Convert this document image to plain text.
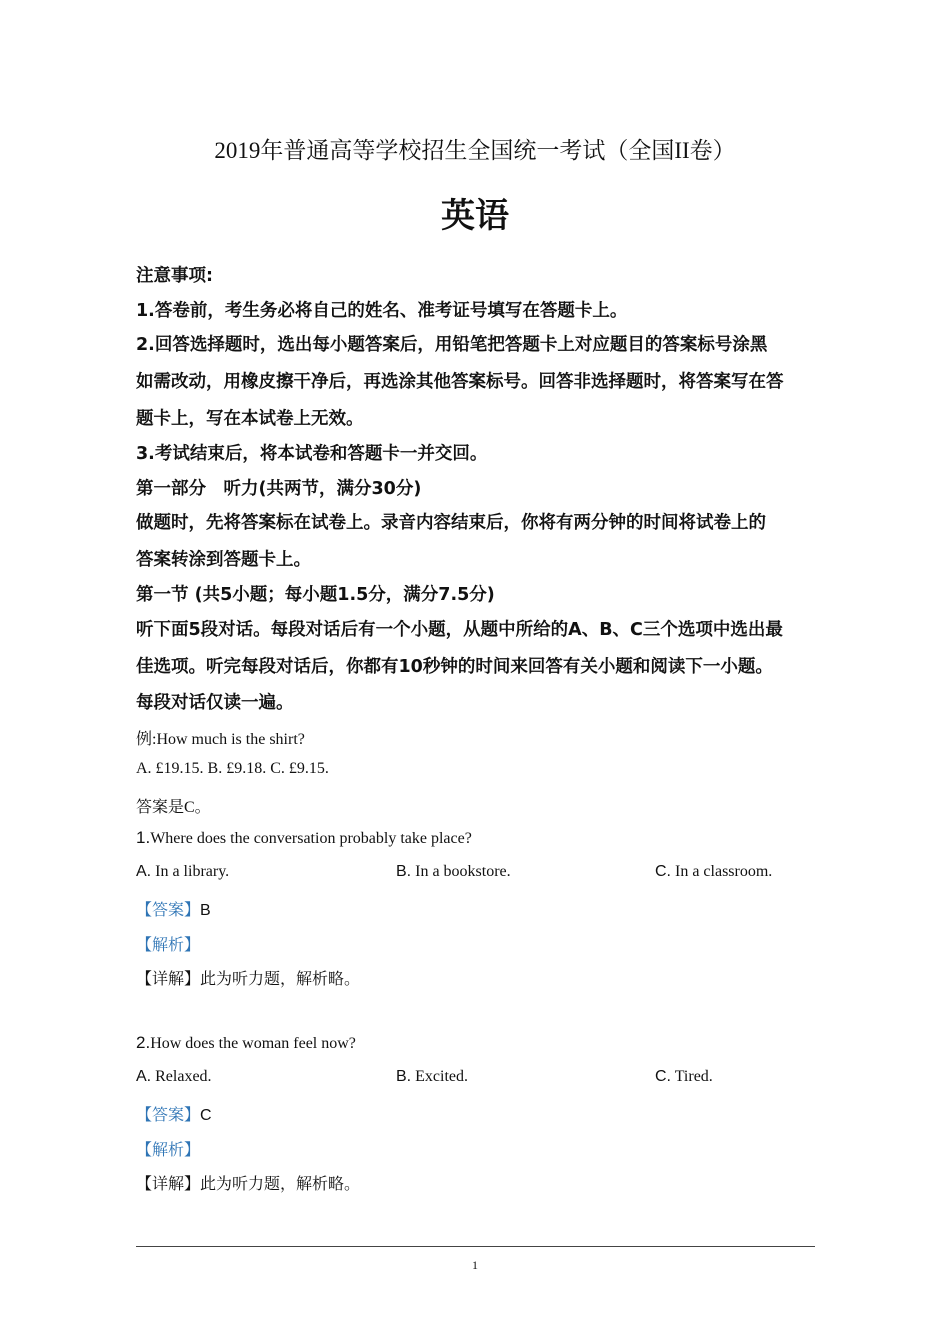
2019年普通高等学校招生全国统一考试（全国II卷）
英语
注意事项:
1.答卷前，考生务必将自己的姓名、准考证号填写在答题卡上。
2.回答选择题时，选出每小题答案后，用铅笔把答题卡上对应题目的答案标号涂黑
如需改动，用橡皮擦干净后，再选涂其他答案标号。回答非选择题时，将答案写在答
题卡上，写在本试卷上无效。
3.考试结束后，将本试卷和答题卡一并交回。
第一部分　听力(共两节，满分30分)
做题时，先将答案标在试卷上。录音内容结束后，你将有两分钟的时间将试卷上的
答案转涂到答题卡上。
第一节 (共5小题；每小题1.5分，满分7.5分)
听下面5段对话。每段对话后有一个小题，从题中所给的A、B、C三个选项中选出最
佳选项。听完每段对话后，你都有10秒钟的时间来回答有关小题和阅读下一小题。
每段对话仅读一遍。
例:How much is the shirt?
A. £19.15. B. £9.18. C. £9.15.
答案是C。
1.Where does the conversation probably take place?
A. In a library.	B. In a bookstore.	C. In a classroom.
【答案】B
【解析】
【详解】此为听力题，解析略。
2.How does the woman feel now?
A. Relaxed.	B. Excited.	C. Tired.
【答案】C
【解析】
【详解】此为听力题，解析略。
1
